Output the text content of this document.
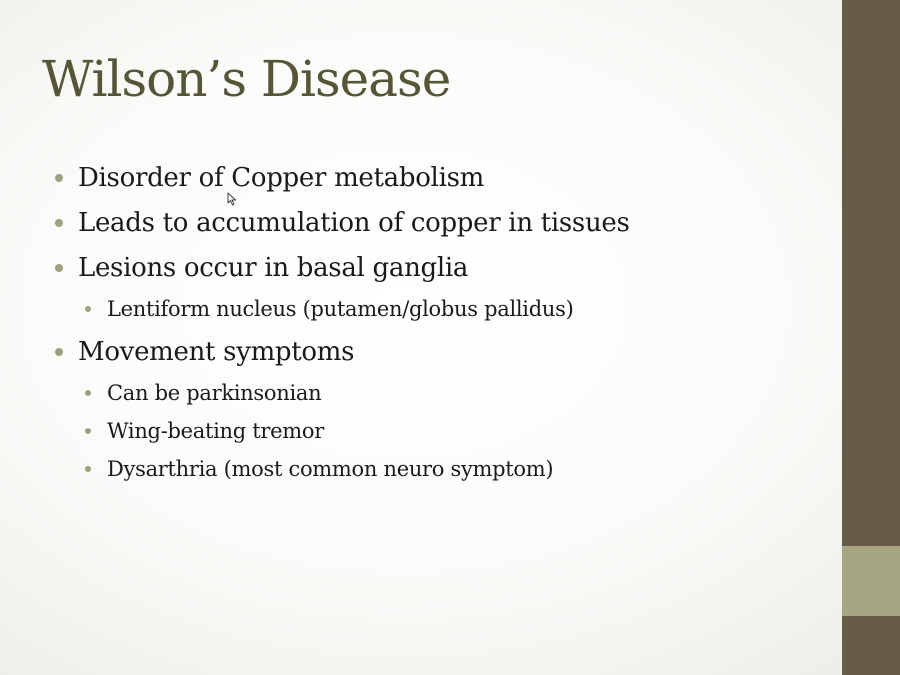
Wilson’s Disease
Disorder of Copper metabolism
Leads to accumulation of copper in tissues
Lesions occur in basal ganglia
Lentiform nucleus (putamen/globus pallidus)
Movement symptoms
Can be parkinsonian
Wing-beating tremor
Dysarthria (most common neuro symptom)
